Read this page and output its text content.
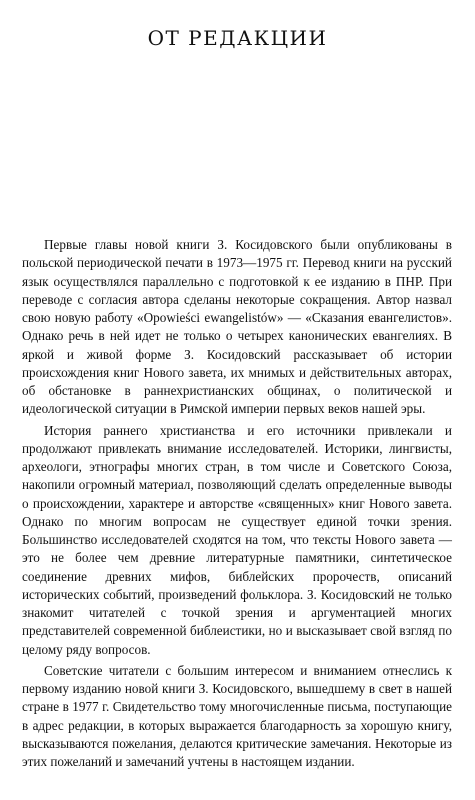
ОТ РЕДАКЦИИ

Первые главы новой книги З. Косидовского были опубликованы в польской периодической печати в 1973—1975 гг. Перевод книги на русский язык осуществлялся параллельно с подготовкой к ее изданию в ПНР. При переводе с согласия автора сделаны некоторые сокращения. Автор назвал свою новую работу «Opowieści ewangelistów» — «Сказания евангелистов». Однако речь в ней идет не только о четырех канонических евангелиях. В яркой и живой форме З. Косидовский рассказывает об истории происхождения книг Нового завета, их мнимых и действительных авторах, об обстановке в раннехристианских общинах, о политической и идеологической ситуации в Римской империи первых веков нашей эры.

История раннего христианства и его источники привлекали и продолжают привлекать внимание исследователей. Историки, лингвисты, археологи, этнографы многих стран, в том числе и Советского Союза, накопили огромный материал, позволяющий сделать определенные выводы о происхождении, характере и авторстве «священных» книг Нового завета. Однако по многим вопросам не существует единой точки зрения. Большинство исследователей сходятся на том, что тексты Нового завета — это не более чем древние литературные памятники, синтетическое соединение древних мифов, библейских пророчеств, описаний исторических событий, произведений фольклора. З. Косидовский не только знакомит читателей с точкой зрения и аргументацией многих представителей современной библеистики, но и высказывает свой взгляд по целому ряду вопросов.

Советские читатели с большим интересом и вниманием отнеслись к первому изданию новой книги З. Косидовского, вышедшему в свет в нашей стране в 1977 г. Свидетельство тому многочисленные письма, поступающие в адрес редакции, в которых выражается благодарность за хорошую книгу, высказываются пожелания, делаются критические замечания. Некоторые из этих пожеланий и замечаний учтены в настоящем издании.
